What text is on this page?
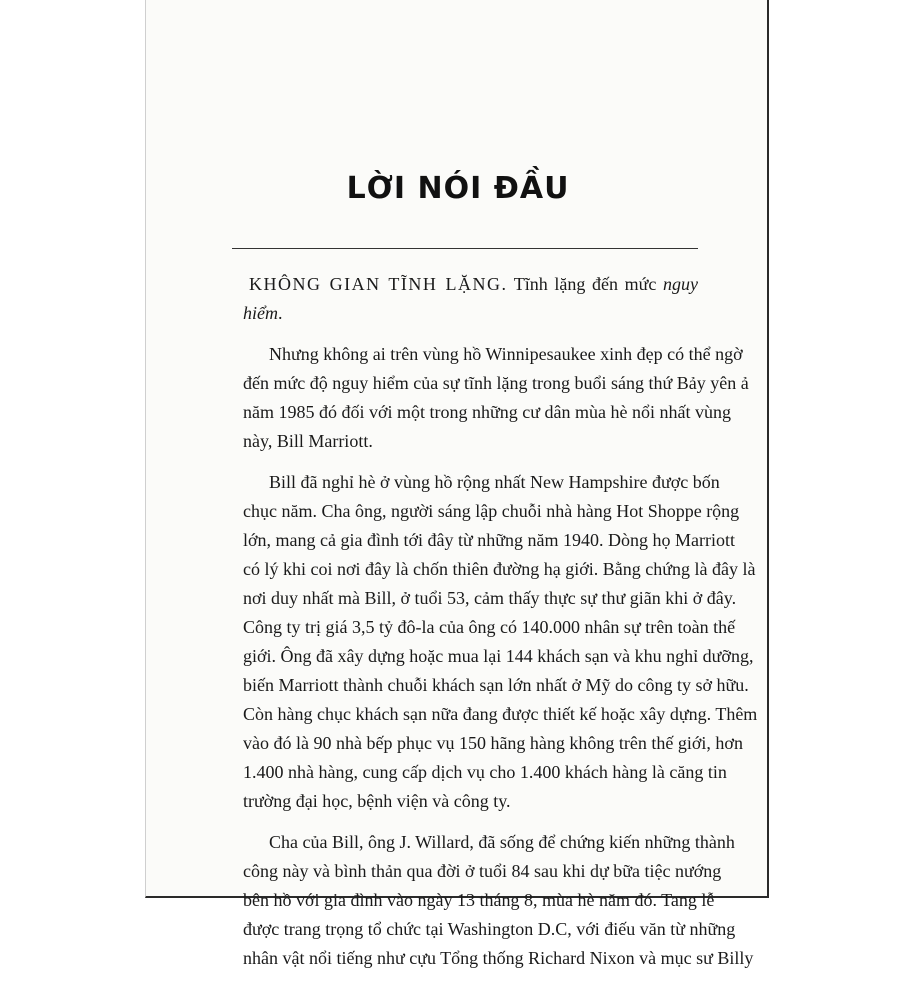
LỜI NÓI ĐẦU

KHÔNG GIAN TĨNH LẶNG. Tĩnh lặng đến mức nguy hiểm.

Nhưng không ai trên vùng hồ Winnipesaukee xinh đẹp có thể ngờ
đến mức độ nguy hiểm của sự tĩnh lặng trong buổi sáng thứ Bảy yên ả
năm 1985 đó đối với một trong những cư dân mùa hè nổi nhất vùng
này, Bill Marriott.

Bill đã nghỉ hè ở vùng hồ rộng nhất New Hampshire được bốn
chục năm. Cha ông, người sáng lập chuỗi nhà hàng Hot Shoppe rộng
lớn, mang cả gia đình tới đây từ những năm 1940. Dòng họ Marriott
có lý khi coi nơi đây là chốn thiên đường hạ giới. Bằng chứng là đây là
nơi duy nhất mà Bill, ở tuổi 53, cảm thấy thực sự thư giãn khi ở đây.
Công ty trị giá 3,5 tỷ đô-la của ông có 140.000 nhân sự trên toàn thế
giới. Ông đã xây dựng hoặc mua lại 144 khách sạn và khu nghỉ dưỡng,
biến Marriott thành chuỗi khách sạn lớn nhất ở Mỹ do công ty sở hữu.
Còn hàng chục khách sạn nữa đang được thiết kế hoặc xây dựng. Thêm
vào đó là 90 nhà bếp phục vụ 150 hãng hàng không trên thế giới, hơn
1.400 nhà hàng, cung cấp dịch vụ cho 1.400 khách hàng là căng tin
trường đại học, bệnh viện và công ty.

Cha của Bill, ông J. Willard, đã sống để chứng kiến những thành
công này và bình thản qua đời ở tuổi 84 sau khi dự bữa tiệc nướng
bên hồ với gia đình vào ngày 13 tháng 8, mùa hè năm đó. Tang lễ
được trang trọng tổ chức tại Washington D.C, với điếu văn từ những
nhân vật nổi tiếng như cựu Tổng thống Richard Nixon và mục sư Billy
